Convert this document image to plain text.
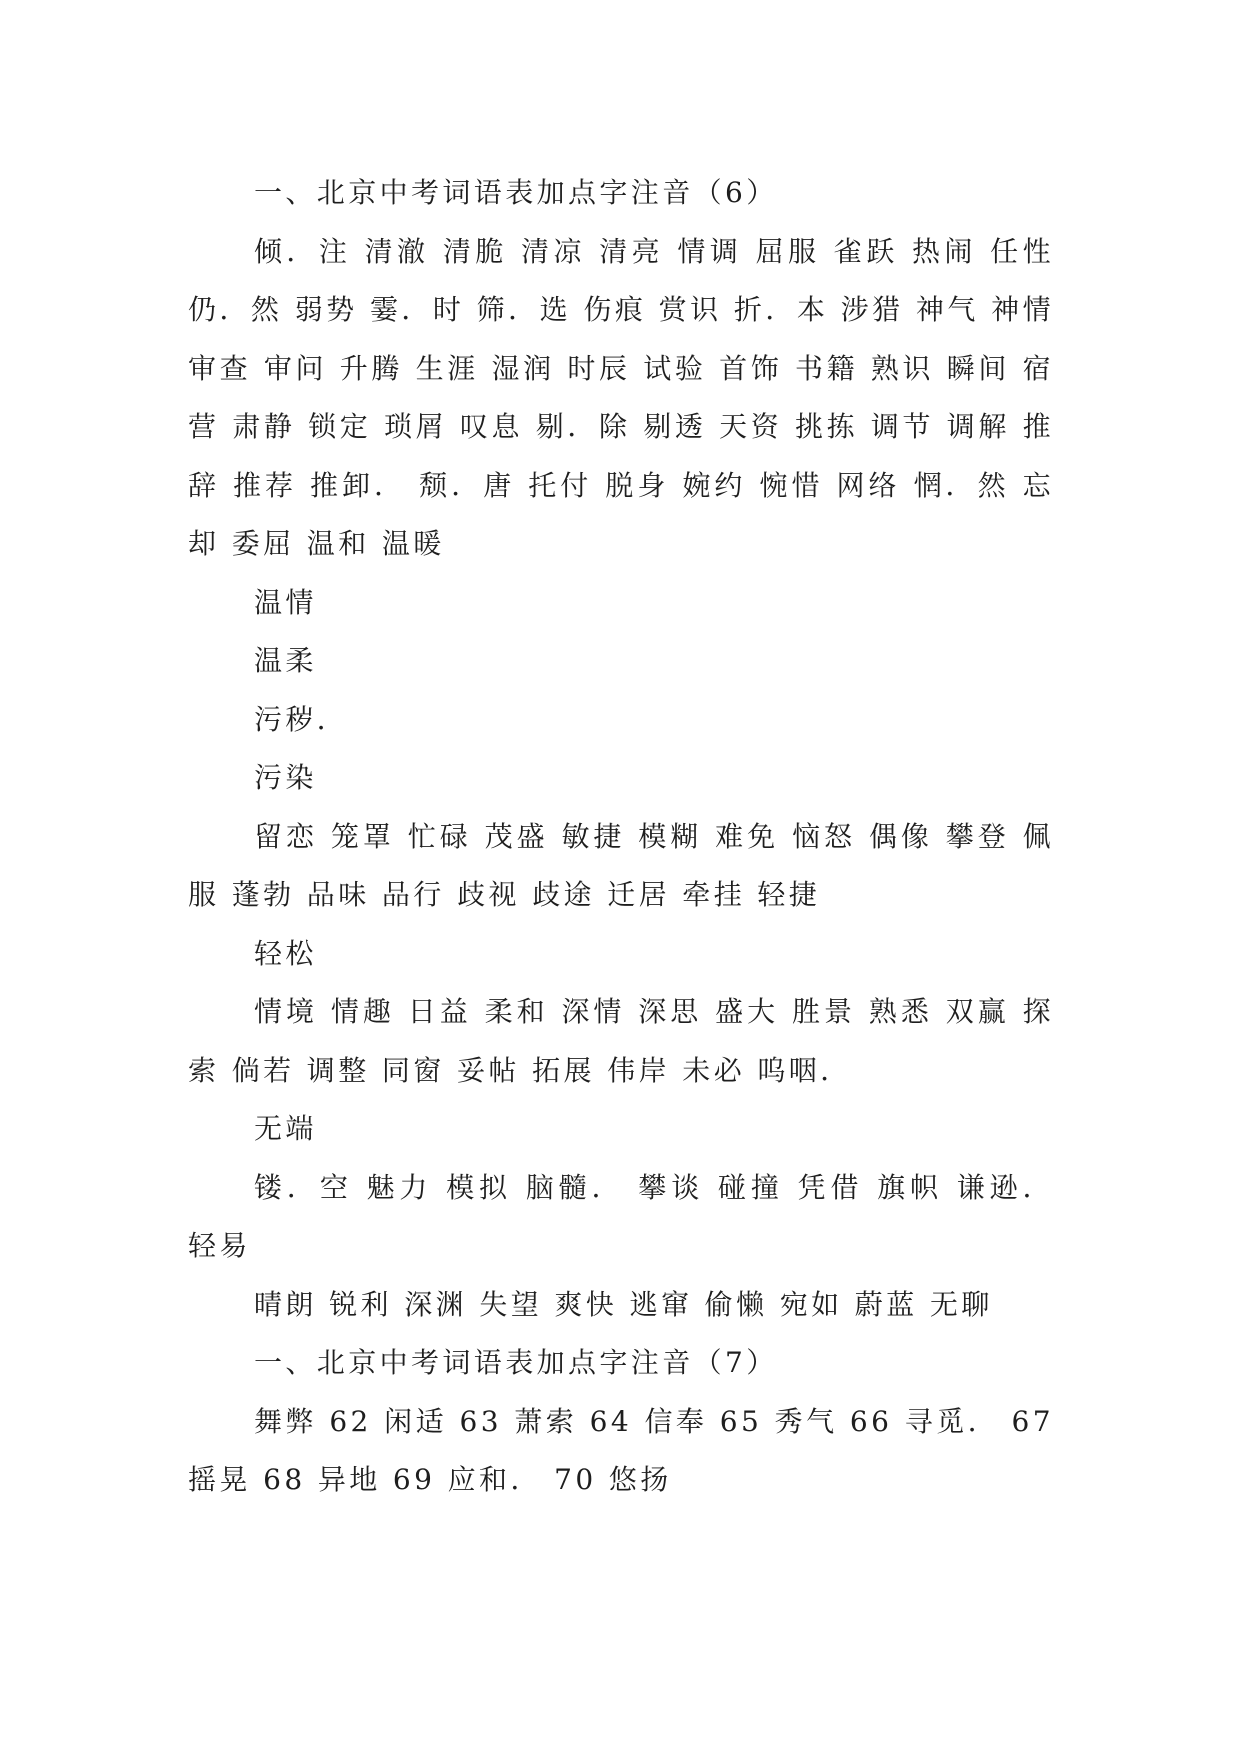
一、北京中考词语表加点字注音（6）

倾．注 清澈 清脆 清凉 清亮 情调 屈服 雀跃 热闹 任性 仍．然 弱势 霎．时 筛．选 伤痕 赏识 折．本 涉猎 神气 神情 审查 审问 升腾 生涯 湿润 时辰 试验 首饰 书籍 熟识 瞬间 宿营 肃静 锁定 琐屑 叹息 剔．除 剔透 天资 挑拣 调节 调解 推辞 推荐 推卸． 颓．唐 托付 脱身 婉约 惋惜 网络 惘．然 忘却 委屈 温和 温暖

温情

温柔

污秽．

污染

留恋 笼罩 忙碌 茂盛 敏捷 模糊 难免 恼怒 偶像 攀登 佩服 蓬勃 品味 品行 歧视 歧途 迁居 牵挂 轻捷

轻松

情境 情趣 日益 柔和 深情 深思 盛大 胜景 熟悉 双赢 探索 倘若 调整 同窗 妥帖 拓展 伟岸 未必 呜咽．

无端

镂．空 魅力 模拟 脑髓． 攀谈 碰撞 凭借 旗帜 谦逊． 轻易

晴朗 锐利 深渊 失望 爽快 逃窜 偷懒 宛如 蔚蓝 无聊

一、北京中考词语表加点字注音（7）

舞弊 62 闲适 63 萧索 64 信奉 65 秀气 66 寻觅． 67 摇晃 68 异地 69 应和． 70 悠扬
